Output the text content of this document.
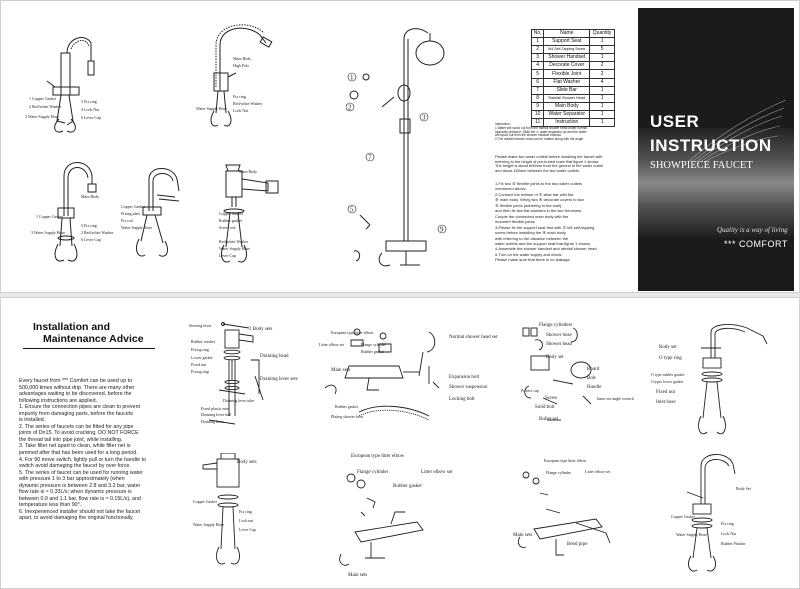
1 Copper Gasket
2 Red/white Washer
3 Water Supply Hose
5 Fix ring
4 Lock Nut
6 Lever Cup
Main Body
High Pole
Fix ring
Red/white Washer
Lock Nut
Water Supply Hose
Main Body
1 Copper Gasket
5 Fix ring
2 Red/white Washer
3 Water Supply Hose
6 Lever Cup
Copper Gasket
Fixing plate
Fix rod
Water Supply Hose
Main Body
Copper Gasket
Rubber gasket
Screw rod
Red/white Washer
Water Supply Hose
Lever Cup
1
2
3
7
5
9
No.	Name	Quantity
1	Support Seat	1
2	M4 Self-Tapping Screw	5
3	Shower Handset	1
4	Decorate Cover	2
5	Flexible Joint	2
6	Flat Washer	4
7	Slide Bar	1
8	Rainfall Shower Head	1
9	Main Body	1
10	Water Separator	1
11	Instruction	1
Instruction:
1.Water will spout out from the rainfall shower head under normal
hydraulic pressure. Slide the ④ water separator up and the water
will spout out from the shower handset instead.
2.The rainfall shower head can be rotated along with the angle.
Please make two water outlets before installing the faucet with
referring to the height of pre-buried hose that figure 1 shows.
The height is about 800mm from the ground to the water outlet
and about 150mm between the two water outlets.
1.Fix two ⑤ flexible joints to the two water outlets
mentioned above.
2.Connect the bottom of ⑦ slide bar with the
⑨ main body. Wring two ④ decorate covers to two
⑤ flexible joints (adhering to the wall),
and then fix two flat washers in the two freunions.
Couple the connected main body with the
mounted flexible joints.
3.Please fix the support seat first with ② M4 self-tapping
screw before installing the ⑨ main body,
with referring to the distance between the
water outlets and the support seat that figure 1 shows.
4.Assemble the shower handset and rainfall shower head.
5.Turn on the water supply and check.
Please make sure that there is no leakage.
USER
INSTRUCTION
SHOWPIECE FAUCET
Quality is a way of living
*** COMFORT
Installation and
Maintenance Advice
Every faucet from *** Comfort can be used up to
500,000 times without drip. There are many other
advantages waiting to be discovered, before the
following instructions are applied.
1. Ensure the connection pipes are clean to prevent
impurity from damaging parts, before the faucets
is installed.
2. The series of faucets can be fitted for any pipe
joints of Dn15. To avoid cracking, DO NOT FORCE
the thread tail into pipe joint, while installing.
3. Take filter net apart to clean, while filter net is
jammed after that has been used for a long period.
4. For 90 move switch, lightly pull or turn the handle to
switch avoid damaging the faucet by over force.
5. The series of faucet can be used for running water
with pressure 1 to 3 bar approximately (when
dynamic pressure is between 2.8 and 3.2 bar, water
flow rate is ≈ 0.33L/s; when dynamic pressure is
between 0.9 and 1.1 bar, flow rate is ≈ 0.15L/s), and
temperature less than 90°.
6. Inexperienced installer should not take the faucet
apart, to avoid damaging the original functionally.
Steering lever
2 Body sets
Rubber washer
Fixing ring
Lower gasket
Fixed nut
Fixing ring
Draining head
Draining lever sets
Draining lever tube
Fixed plastic nuts
Draining lever ball
Draining hose
European type litter elbow
Litter elbow set	Flange cylinder
Rubber gasket
Normal shower head set
Main sets
Expansion bolt
Shower suspension
Locking bolt
Rubber gasket
Plating shower hose
Flange cylinders
Shower hose
Shower head
Body set
Board
Bolt
Handle
Protect cap
Inner six-angle wrench
Screw
Solid bolt
Bullet set
Body set
O type ring
O type rubber gasket
Crypto lower gasket
Fixed nut
Inlet hose
Body sets
Copper Gasket
Fix ring
Lock nut
Water Supply Hose
Lever Cup
European type litter elbow
Flange cylinder	Litter elbow set
Rubber gasket
Main sets
European type litter elbow
Flange cylinder	Litter elbow set
Main sets
Bend pipe
Body Set
Copper Gasket
Fix ring
Water Supply Hose	Lock Nut
Rubber Washer
